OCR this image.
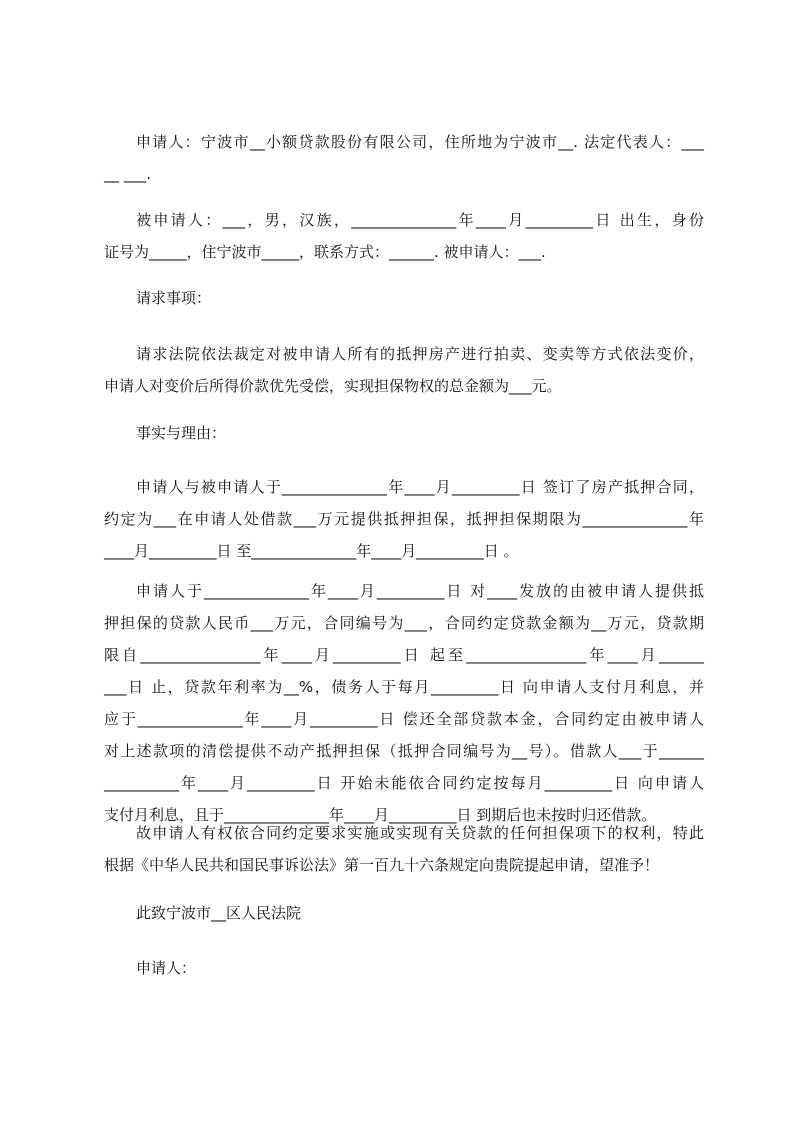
申请人：宁波市__小额贷款股份有限公司，住所地为宁波市__. 法定代表人：___
__ ___.

被申请人：___，男，汉族，______________年____月_________日 出生，身份
证号为_____，住宁波市_____，联系方式：______. 被申请人：___.

请求事项：

请求法院依法裁定对被申请人所有的抵押房产进行拍卖、变卖等方式依法变价，
申请人对变价后所得价款优先受偿，实现担保物权的总金额为___元。

事实与理由：

申请人与被申请人于______________年____月_________日 签订了房产抵押合同，
约定为___在申请人处借款___万元提供抵押担保，抵押担保期限为______________年
____月_________日 至______________年____月_________日 。

申请人于______________年____月_________日 对____发放的由被申请人提供抵
押担保的贷款人民币___万元，合同编号为___，合同约定贷款金额为__万元，贷款期
限自________________年____月_________日 起至________________年____月______
___日 止，贷款年利率为__%，债务人于每月_________日 向申请人支付月利息，并
应于______________年____月_________日 偿还全部贷款本金，合同约定由被申请人
对上述款项的清偿提供不动产抵押担保（抵押合同编号为__号）。借款人___于______
__________年____月_________日 开始未能依合同约定按每月_________日 向申请人
支付月利息，且于______________年____月_________日 到期后也未按时归还借款。

故申请人有权依合同约定要求实施或实现有关贷款的任何担保项下的权利，特此
根据《中华人民共和国民事诉讼法》第一百九十六条规定向贵院提起申请，望准予！

此致宁波市__区人民法院

申请人：
